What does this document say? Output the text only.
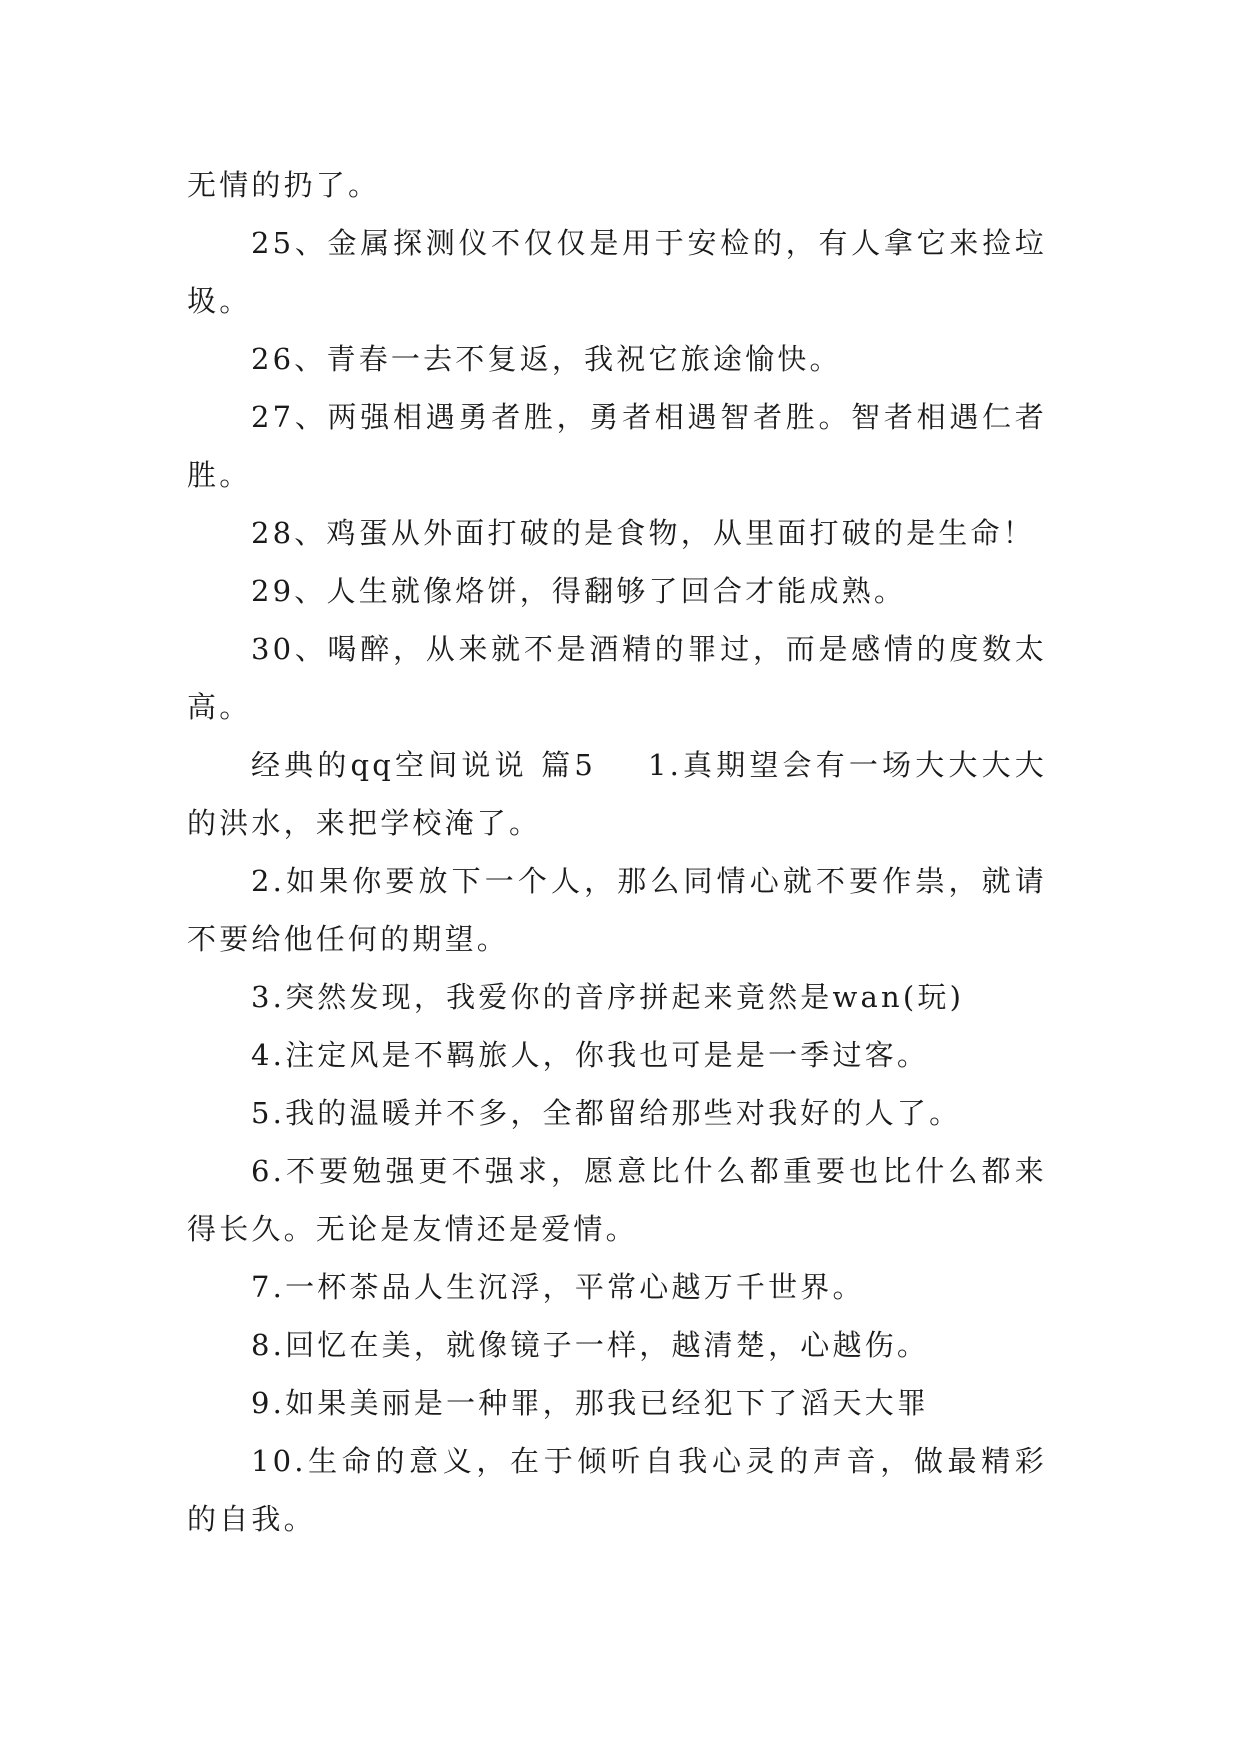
无情的扔了。

25、金属探测仪不仅仅是用于安检的，有人拿它来捡垃圾。

26、青春一去不复返，我祝它旅途愉快。

27、两强相遇勇者胜，勇者相遇智者胜。智者相遇仁者胜。

28、鸡蛋从外面打破的是食物，从里面打破的是生命！

29、人生就像烙饼，得翻够了回合才能成熟。

30、喝醉，从来就不是酒精的罪过，而是感情的度数太高。

经典的qq空间说说 篇5 1.真期望会有一场大大大大的洪水，来把学校淹了。

2.如果你要放下一个人，那么同情心就不要作祟，就请不要给他任何的期望。

3.突然发现，我爱你的音序拼起来竟然是wan(玩)

4.注定风是不羁旅人，你我也可是是一季过客。

5.我的温暖并不多，全都留给那些对我好的人了。

6.不要勉强更不强求，愿意比什么都重要也比什么都来得长久。无论是友情还是爱情。

7.一杯茶品人生沉浮，平常心越万千世界。

8.回忆在美，就像镜子一样，越清楚，心越伤。

9.如果美丽是一种罪，那我已经犯下了滔天大罪

10.生命的意义，在于倾听自我心灵的声音，做最精彩的自我。
